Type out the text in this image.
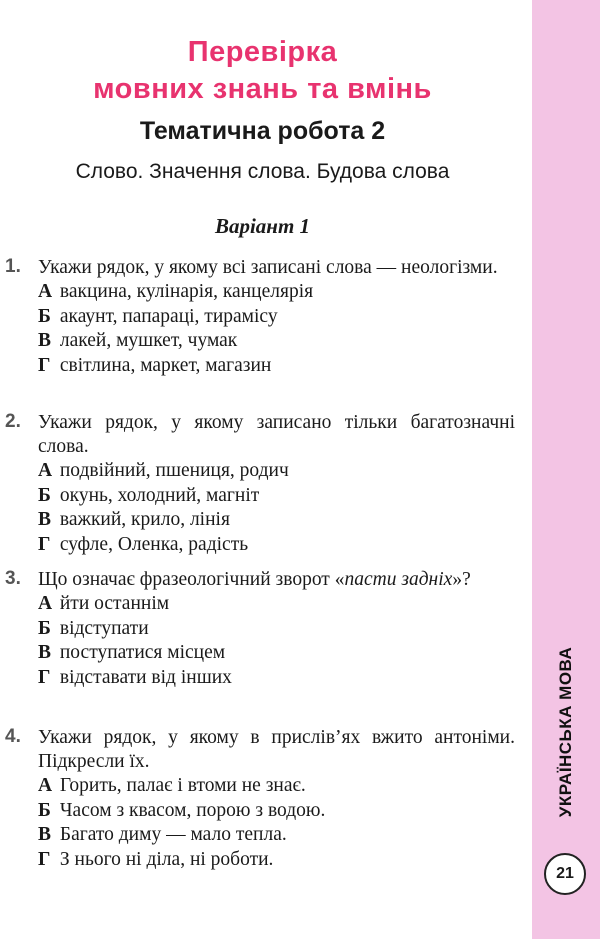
УКРАЇНСЬКА МОВА
21
Перевірка
мовних знань та вмінь
Тематична робота 2
Слово. Значення слова. Будова слова
Варіант 1
1. Укажи рядок, у якому всі записані слова — неологізми.
А вакцина, кулінарія, канцелярія
Б акаунт, папараці, тирамісу
В лакей, мушкет, чумак
Г світлина, маркет, магазин
2. Укажи рядок, у якому записано тільки багатозначні слова.
А подвійний, пшениця, родич
Б окунь, холодний, магніт
В важкий, крило, лінія
Г суфле, Оленка, радість
3. Що означає фразеологічний зворот «пасти задніх»?
А йти останнім
Б відступати
В поступатися місцем
Г відставати від інших
4. Укажи рядок, у якому в прислів’ях вжито антоніми. Підкресли їх.
А Горить, палає і втоми не знає.
Б Часом з квасом, порою з водою.
В Багато диму — мало тепла.
Г З нього ні діла, ні роботи.
